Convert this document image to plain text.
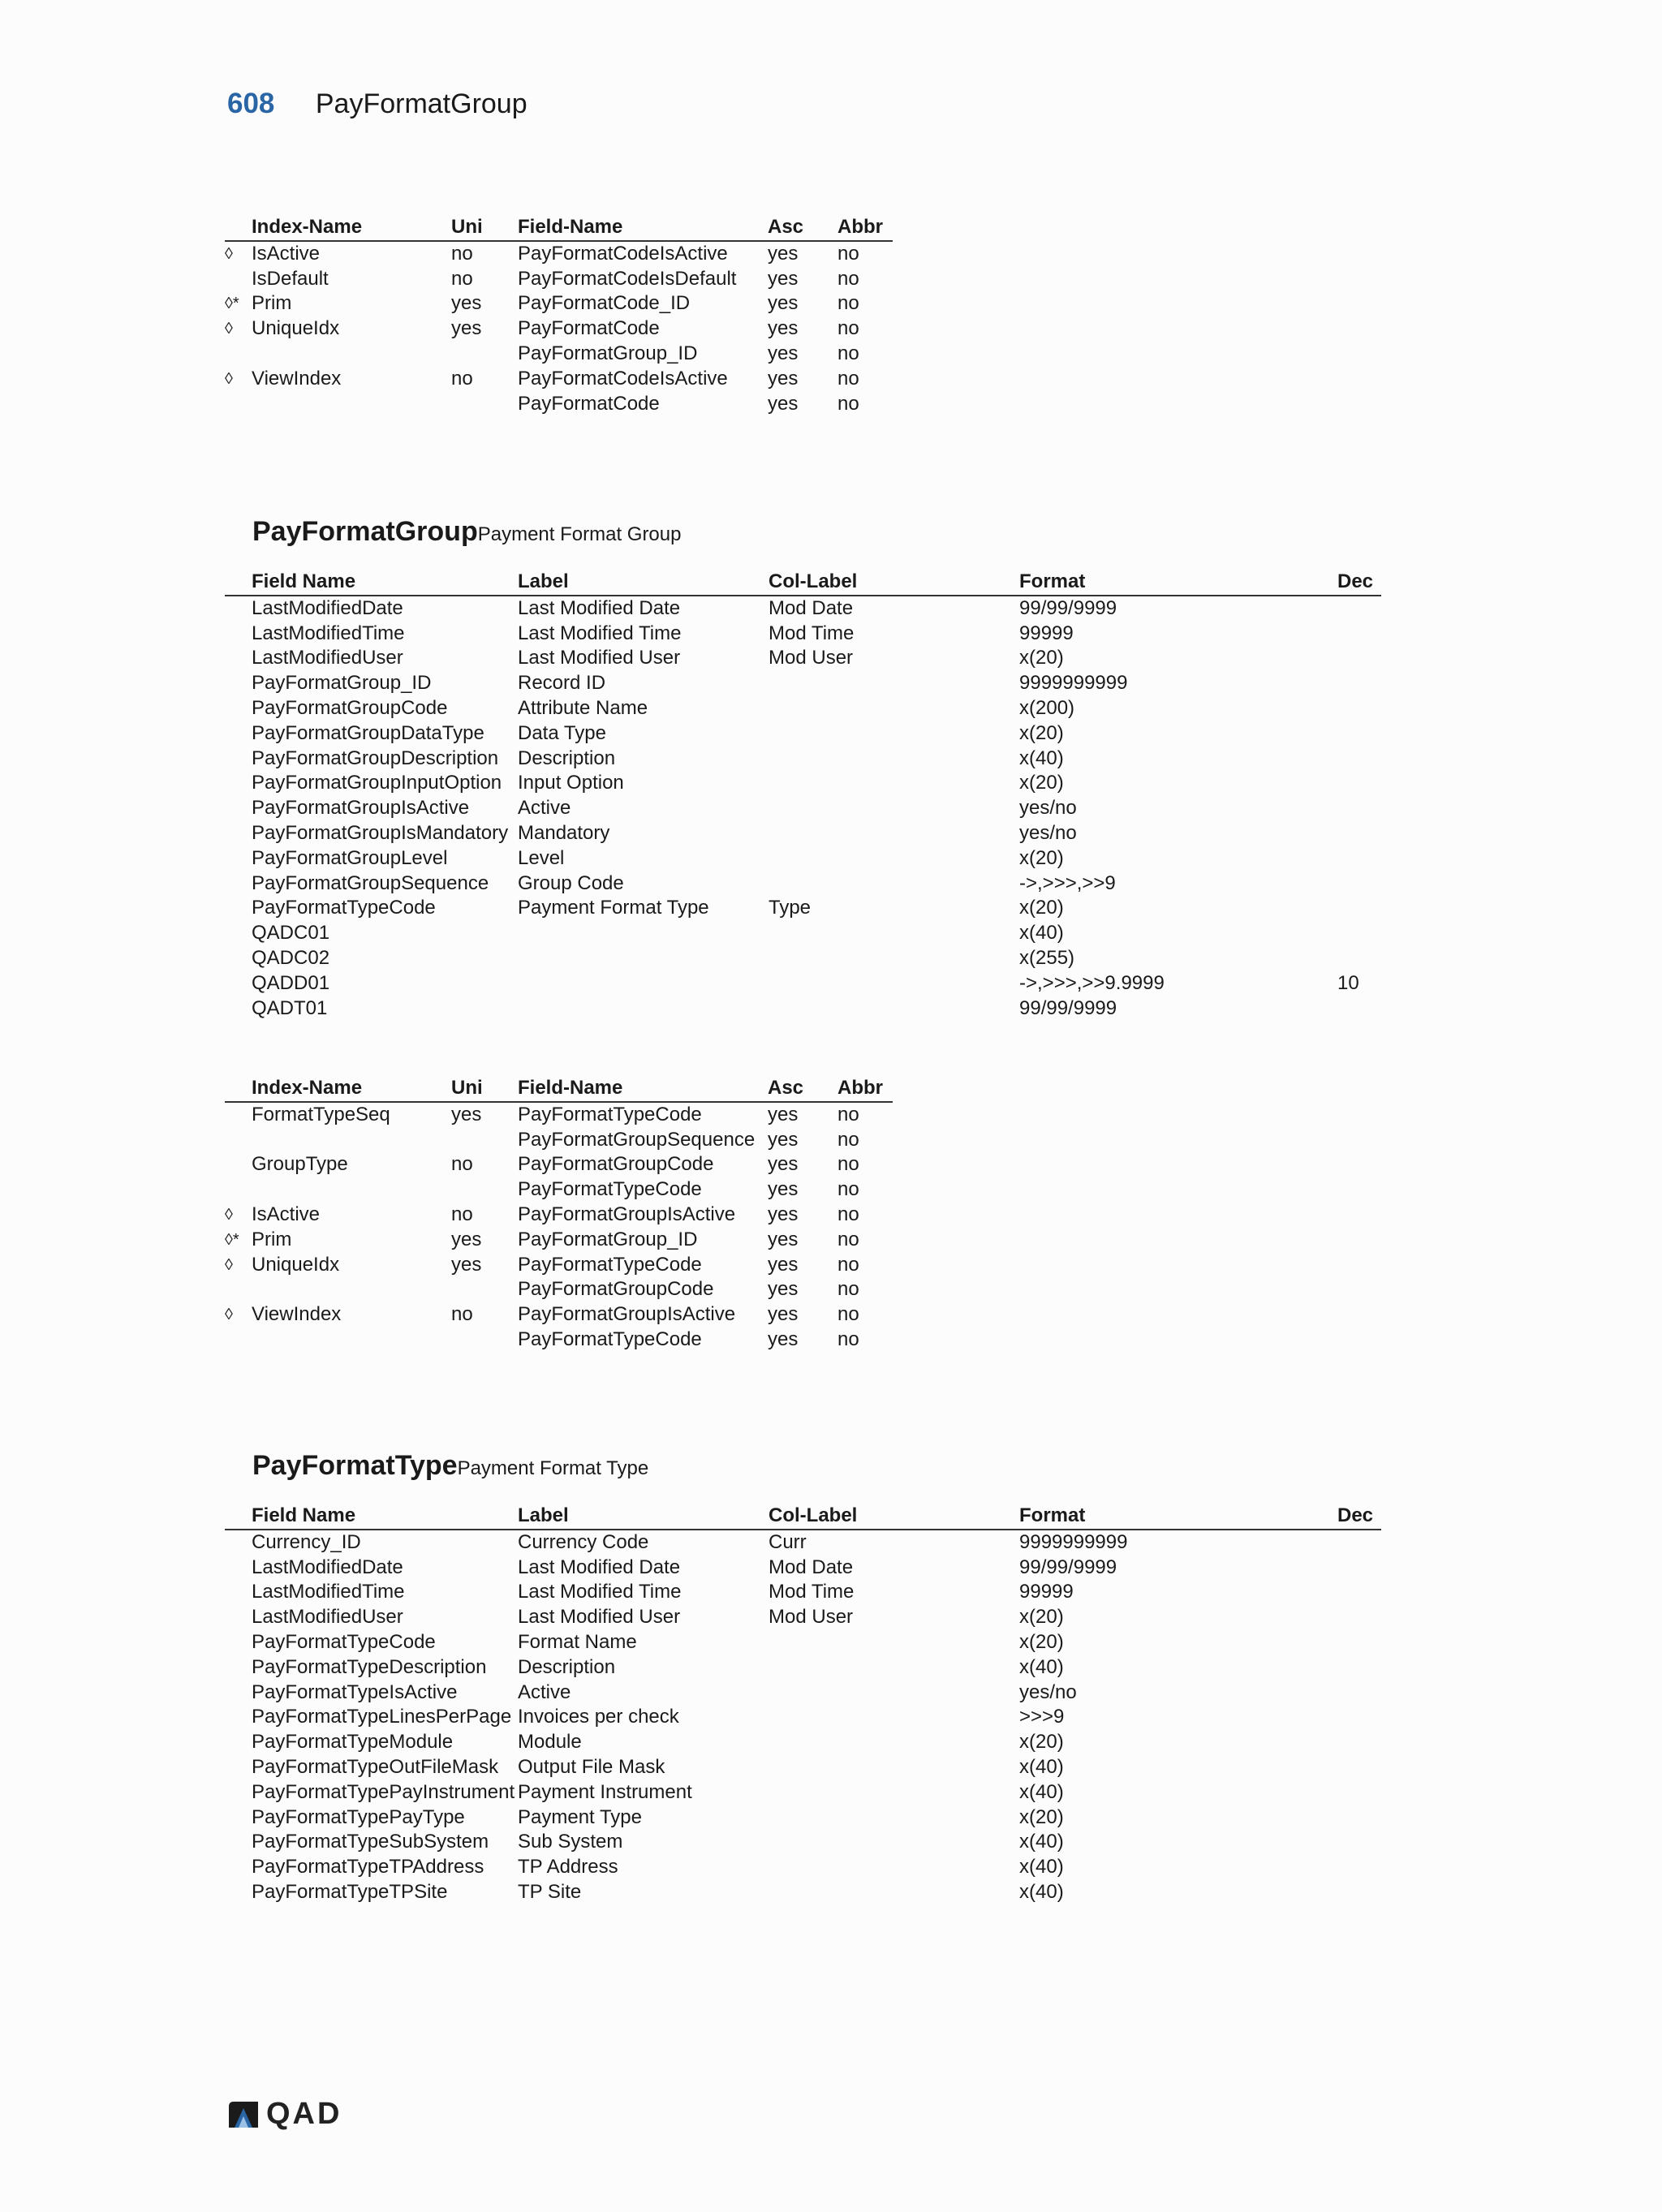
608 PayFormatGroup
	Index-Name	Uni	Field-Name	Asc	Abbr
◊	IsActive	no	PayFormatCodeIsActive	yes	no
	IsDefault	no	PayFormatCodeIsDefault	yes	no
◊*	Prim	yes	PayFormatCode_ID	yes	no
◊	UniqueIdx	yes	PayFormatCode	yes	no
			PayFormatGroup_ID	yes	no
◊	ViewIndex	no	PayFormatCodeIsActive	yes	no
			PayFormatCode	yes	no
PayFormatGroupPayment Format Group
	Field Name	Label	Col-Label	Format	Dec
	LastModifiedDate	Last Modified Date	Mod Date	99/99/9999	
	LastModifiedTime	Last Modified Time	Mod Time	99999	
	LastModifiedUser	Last Modified User	Mod User	x(20)	
	PayFormatGroup_ID	Record ID		9999999999	
	PayFormatGroupCode	Attribute Name		x(200)	
	PayFormatGroupDataType	Data Type		x(20)	
	PayFormatGroupDescription	Description		x(40)	
	PayFormatGroupInputOption	Input Option		x(20)	
	PayFormatGroupIsActive	Active		yes/no	
	PayFormatGroupIsMandatory	Mandatory		yes/no	
	PayFormatGroupLevel	Level		x(20)	
	PayFormatGroupSequence	Group Code		->,>>>,>>9	
	PayFormatTypeCode	Payment Format Type	Type	x(20)	
	QADC01			x(40)	
	QADC02			x(255)	
	QADD01			->,>>>,>>9.9999	10
	QADT01			99/99/9999	
	Index-Name	Uni	Field-Name	Asc	Abbr
	FormatTypeSeq	yes	PayFormatTypeCode	yes	no
			PayFormatGroupSequence	yes	no
	GroupType	no	PayFormatGroupCode	yes	no
			PayFormatTypeCode	yes	no
◊	IsActive	no	PayFormatGroupIsActive	yes	no
◊*	Prim	yes	PayFormatGroup_ID	yes	no
◊	UniqueIdx	yes	PayFormatTypeCode	yes	no
			PayFormatGroupCode	yes	no
◊	ViewIndex	no	PayFormatGroupIsActive	yes	no
			PayFormatTypeCode	yes	no
PayFormatTypePayment Format Type
	Field Name	Label	Col-Label	Format	Dec
	Currency_ID	Currency Code	Curr	9999999999	
	LastModifiedDate	Last Modified Date	Mod Date	99/99/9999	
	LastModifiedTime	Last Modified Time	Mod Time	99999	
	LastModifiedUser	Last Modified User	Mod User	x(20)	
	PayFormatTypeCode	Format Name		x(20)	
	PayFormatTypeDescription	Description		x(40)	
	PayFormatTypeIsActive	Active		yes/no	
	PayFormatTypeLinesPerPage	Invoices per check		>>>9	
	PayFormatTypeModule	Module		x(20)	
	PayFormatTypeOutFileMask	Output File Mask		x(40)	
	PayFormatTypePayInstrument	Payment Instrument		x(40)	
	PayFormatTypePayType	Payment Type		x(20)	
	PayFormatTypeSubSystem	Sub System		x(40)	
	PayFormatTypeTPAddress	TP Address		x(40)	
	PayFormatTypeTPSite	TP Site		x(40)	
QAD
